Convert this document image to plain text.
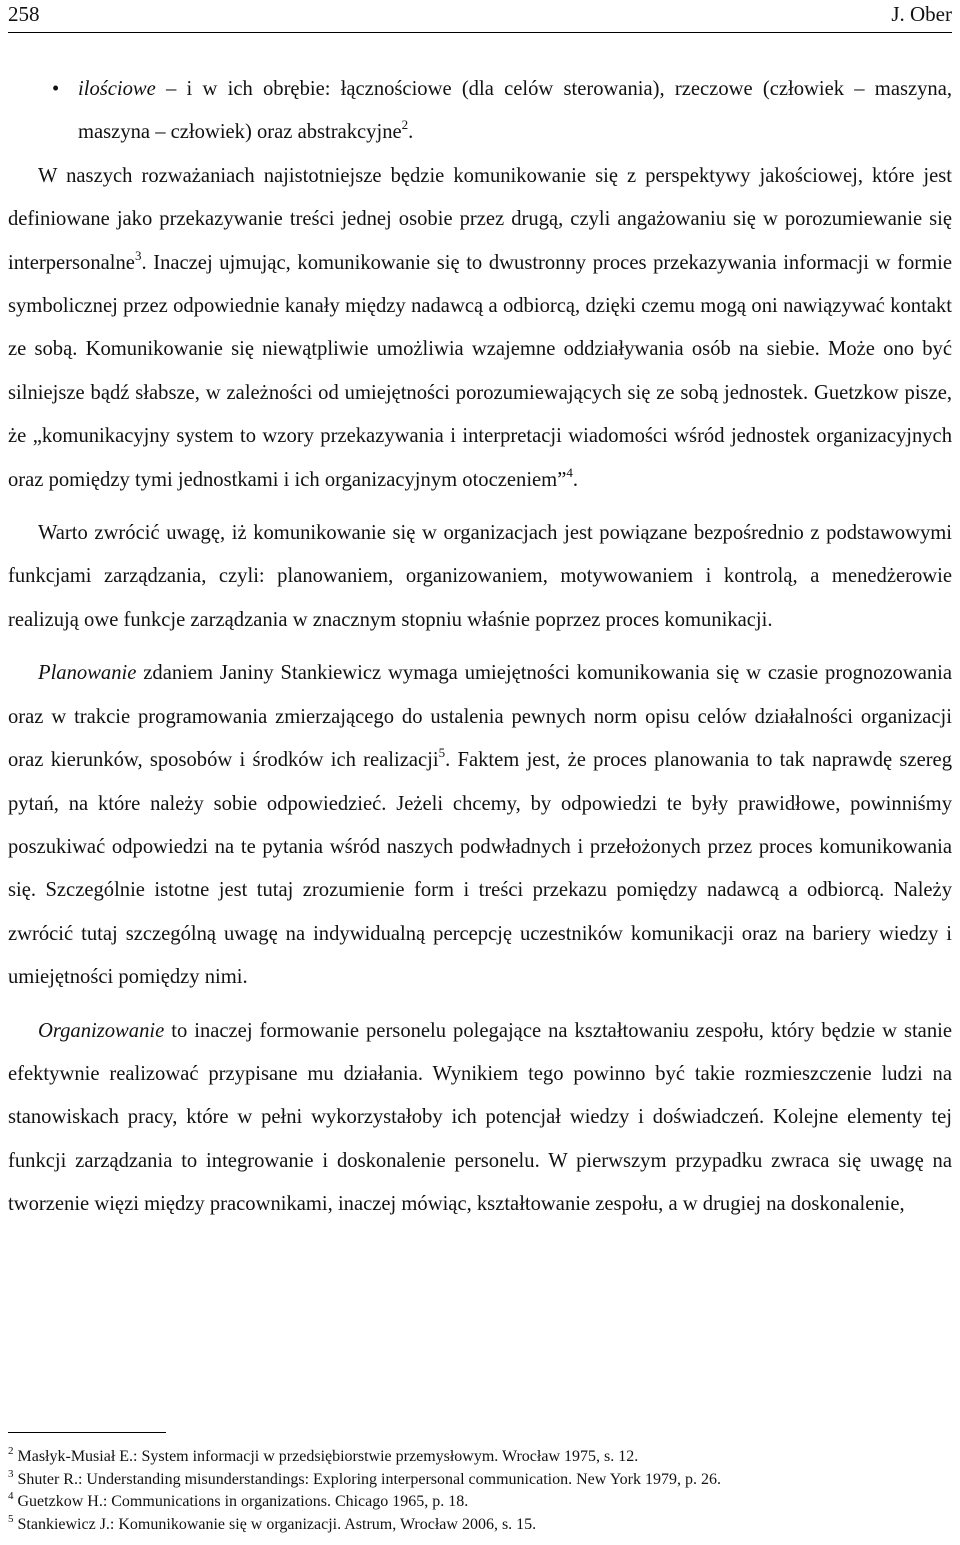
258	J. Ober

• ilościowe – i w ich obrębie: łącznościowe (dla celów sterowania), rzeczowe (człowiek – maszyna, maszyna – człowiek) oraz abstrakcyjne$^2$.

W naszych rozważaniach najistotniejsze będzie komunikowanie się z perspektywy jakościowej, które jest definiowane jako przekazywanie treści jednej osobie przez drugą, czyli angażowaniu się w porozumiewanie się interpersonalne$^3$. Inaczej ujmując, komunikowanie się to dwustronny proces przekazywania informacji w formie symbolicznej przez odpowiednie kanały między nadawcą a odbiorcą, dzięki czemu mogą oni nawiązywać kontakt ze sobą. Komunikowanie się niewątpliwie umożliwia wzajemne oddziaływania osób na siebie. Może ono być silniejsze bądź słabsze, w zależności od umiejętności porozumiewających się ze sobą jednostek. Guetzkow pisze, że „komunikacyjny system to wzory przekazywania i interpretacji wiadomości wśród jednostek organizacyjnych oraz pomiędzy tymi jednostkami i ich organizacyjnym otoczeniem”$^4$.

Warto zwrócić uwagę, iż komunikowanie się w organizacjach jest powiązane bezpośrednio z podstawowymi funkcjami zarządzania, czyli: planowaniem, organizowaniem, motywowaniem i kontrolą, a menedżerowie realizują owe funkcje zarządzania w znacznym stopniu właśnie poprzez proces komunikacji.

Planowanie zdaniem Janiny Stankiewicz wymaga umiejętności komunikowania się w czasie prognozowania oraz w trakcie programowania zmierzającego do ustalenia pewnych norm opisu celów działalności organizacji oraz kierunków, sposobów i środków ich realizacji$^5$. Faktem jest, że proces planowania to tak naprawdę szereg pytań, na które należy sobie odpowiedzieć. Jeżeli chcemy, by odpowiedzi te były prawidłowe, powinniśmy poszukiwać odpowiedzi na te pytania wśród naszych podwładnych i przełożonych przez proces komunikowania się. Szczególnie istotne jest tutaj zrozumienie form i treści przekazu pomiędzy nadawcą a odbiorcą. Należy zwrócić tutaj szczególną uwagę na indywidualną percepcję uczestników komunikacji oraz na bariery wiedzy i umiejętności pomiędzy nimi.

Organizowanie to inaczej formowanie personelu polegające na kształtowaniu zespołu, który będzie w stanie efektywnie realizować przypisane mu działania. Wynikiem tego powinno być takie rozmieszczenie ludzi na stanowiskach pracy, które w pełni wykorzystałoby ich potencjał wiedzy i doświadczeń. Kolejne elementy tej funkcji zarządzania to integrowanie i doskonalenie personelu. W pierwszym przypadku zwraca się uwagę na tworzenie więzi między pracownikami, inaczej mówiąc, kształtowanie zespołu, a w drugiej na doskonalenie,

$^2$ Masłyk-Musiał E.: System informacji w przedsiębiorstwie przemysłowym. Wrocław 1975, s. 12.
$^3$ Shuter R.: Understanding misunderstandings: Exploring interpersonal communication. New York 1979, p. 26.
$^4$ Guetzkow H.: Communications in organizations. Chicago 1965, p. 18.
$^5$ Stankiewicz J.: Komunikowanie się w organizacji. Astrum, Wrocław 2006, s. 15.
